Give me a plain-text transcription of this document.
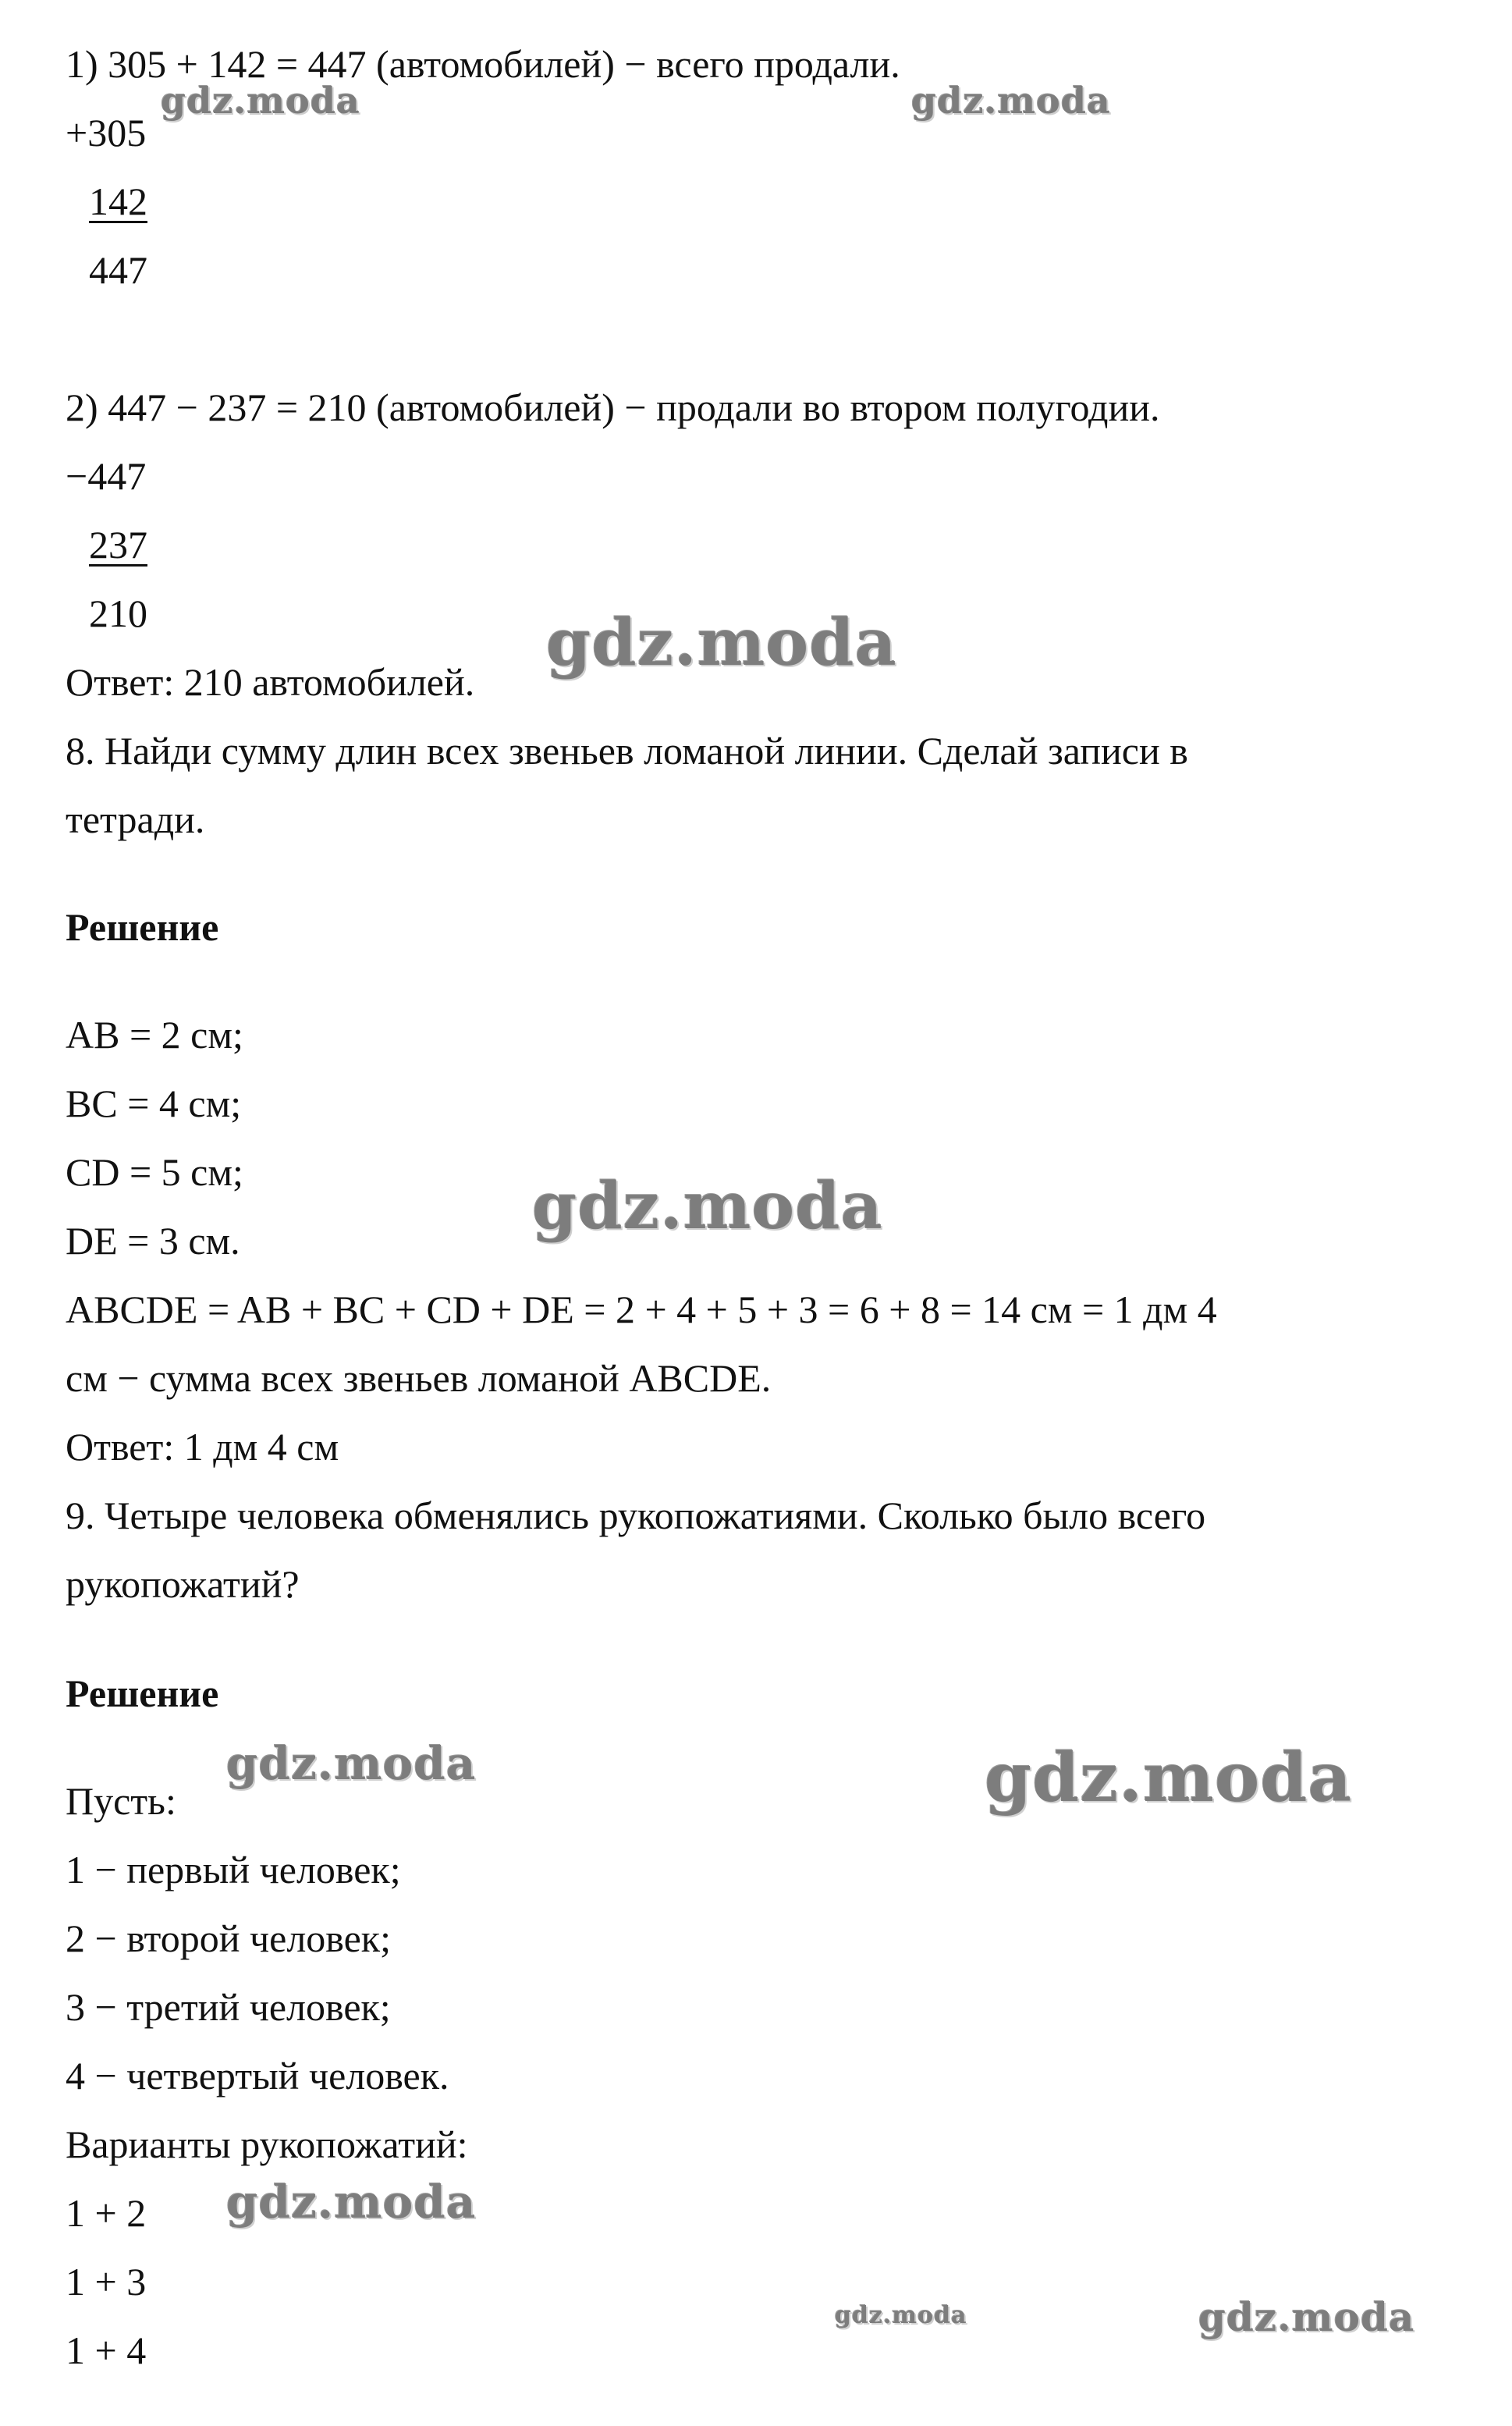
1) 305 + 142 = 447 (автомобилей) − всего продали.

+305

142

447

2) 447 − 237 = 210 (автомобилей) − продали во втором полугодии.

−447

237

210

Ответ: 210 автомобилей.

8. Найди сумму длин всех звеньев ломаной линии. Сделай записи в

тетради.

Решение

AB = 2 см;

BC = 4 см;

CD = 5 см;

DE = 3 см.

ABCDE = AB + BC + CD + DE = 2 + 4 + 5 + 3 = 6 + 8 = 14 см = 1 дм 4

см − сумма всех звеньев ломаной ABCDE.

Ответ: 1 дм 4 см

9. Четыре человека обменялись рукопожатиями. Сколько было всего

рукопожатий?

Решение

Пусть:

1 − первый человек;

2 − второй человек;

3 − третий человек;

4 − четвертый человек.

Варианты рукопожатий:

1 + 2

1 + 3

1 + 4

gdz.moda	gdz.moda
gdz.moda
gdz.moda
gdz.moda	gdz.moda
gdz.moda
gdz.moda	gdz.moda
